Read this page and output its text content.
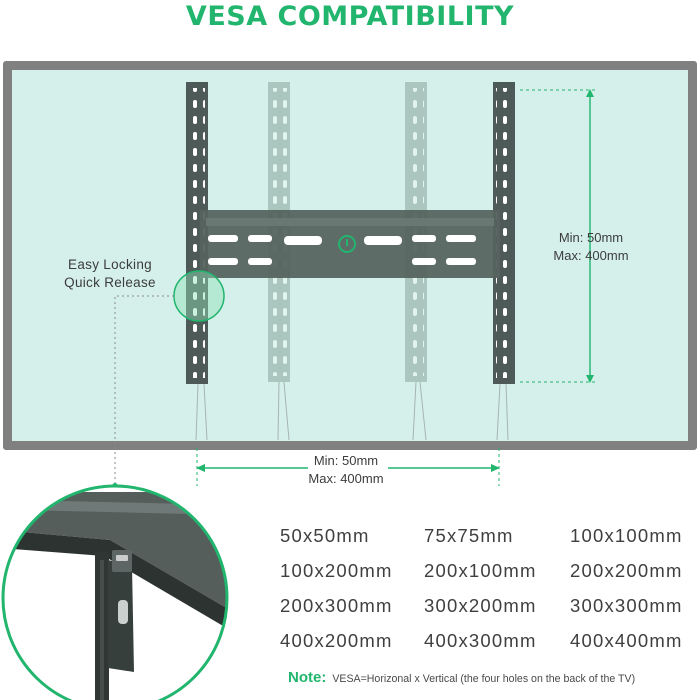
VESA COMPATIBILITY
Easy Locking
Quick Release
Min: 50mm
Max: 400mm
Min: 50mm
Max: 400mm
50x50mm	75x75mm	100x100mm
100x200mm	200x100mm	200x200mm
200x300mm	300x200mm	300x300mm
400x200mm	400x300mm	400x400mm
Note: VESA=Horizonal x Vertical (the four holes on the back of the TV)
